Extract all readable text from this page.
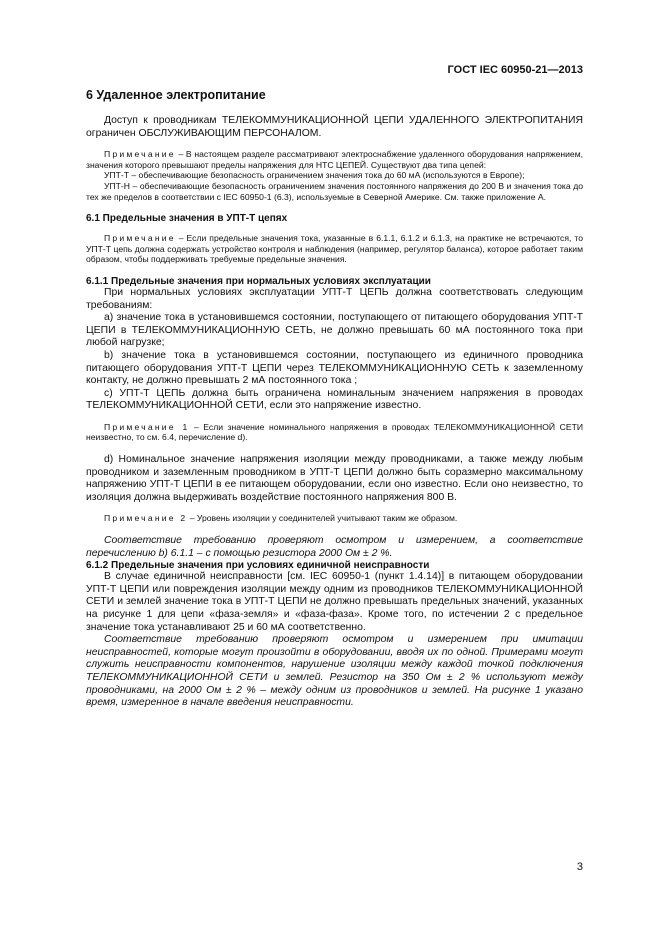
ГОСТ IEC 60950-21—2013
6 Удаленное электропитание

Доступ к проводникам ТЕЛЕКОММУНИКАЦИОННОЙ ЦЕПИ УДАЛЕННОГО ЭЛЕКТРОПИТАНИЯ ограничен ОБСЛУЖИВАЮЩИМ ПЕРСОНАЛОМ.

Примечание – В настоящем разделе рассматривают электроснабжение удаленного оборудования напряжением, значения которого превышают пределы напряжения для НТС ЦЕПЕЙ. Существуют два типа цепей:

УПТ-Т – обеспечивающие безопасность ограничением значения тока до 60 мА (используются в Европе);

УПТ-Н – обеспечивающие безопасность ограничением значения постоянного напряжения до 200 В и значения тока до тех же пределов в соответствии с IEC 60950-1 (6.3), используемые в Северной Америке. См. также приложение А.

6.1 Предельные значения в УПТ-Т цепях

Примечание – Если предельные значения тока, указанные в 6.1.1, 6.1.2 и 6.1.3, на практике не встречаются, то УПТ-Т цепь должна содержать устройство контроля и наблюдения (например, регулятор баланса), которое работает таким образом, чтобы поддерживать требуемые предельные значения.

6.1.1 Предельные значения при нормальных условиях эксплуатации

При нормальных условиях эксплуатации УПТ-Т ЦЕПЬ должна соответствовать следующим требованиям:

а) значение тока в установившемся состоянии, поступающего от питающего оборудования УПТ-Т ЦЕПИ в ТЕЛЕКОММУНИКАЦИОННУЮ СЕТЬ, не должно превышать 60 мА постоянного тока при любой нагрузке;

b) значение тока в установившемся состоянии, поступающего из единичного проводника питающего оборудования УПТ-Т ЦЕПИ через ТЕЛЕКОММУНИКАЦИОННУЮ СЕТЬ к заземленному контакту, не должно превышать 2 мА постоянного тока ;

c) УПТ-Т ЦЕПЬ должна быть ограничена номинальным значением напряжения в проводах ТЕЛЕКОММУНИКАЦИОННОЙ СЕТИ, если это напряжение известно.

Примечание 1 – Если значение номинального напряжения в проводах ТЕЛЕКОММУНИКАЦИОННОЙ СЕТИ неизвестно, то см. 6.4, перечисление d).

d) Номинальное значение напряжения изоляции между проводниками, а также между любым проводником и заземленным проводником в УПТ-Т ЦЕПИ должно быть соразмерно максимальному напряжению УПТ-Т ЦЕПИ в ее питающем оборудовании, если оно известно. Если оно неизвестно, то изоляция должна выдерживать воздействие постоянного напряжения 800 В.

Примечание 2 – Уровень изоляции у соединителей учитывают таким же образом.

Соответствие требованию проверяют осмотром и измерением, а соответствие перечислению b) 6.1.1 – с помощью резистора 2000 Ом ± 2 %.

6.1.2 Предельные значения при условиях единичной неисправности

В случае единичной неисправности [см. IEC 60950-1 (пункт 1.4.14)] в питающем оборудовании УПТ-Т ЦЕПИ или повреждения изоляции между одним из проводников ТЕЛЕКОММУНИКАЦИОННОЙ СЕТИ и землей значение тока в УПТ-Т ЦЕПИ не должно превышать предельных значений, указанных на рисунке 1 для цепи «фаза-земля» и «фаза-фаза». Кроме того, по истечении 2 с предельное значение тока устанавливают 25 и 60 мА соответственно.

Соответствие требованию проверяют осмотром и измерением при имитации неисправностей, которые могут произойти в оборудовании, вводя их по одной. Примерами могут служить неисправности компонентов, нарушение изоляции между каждой точкой подключения ТЕЛЕКОММУНИКАЦИОННОЙ СЕТИ и землей. Резистор на 350 Ом ± 2 % используют между проводниками, на 2000 Ом ± 2 % – между одним из проводников и землей. На рисунке 1 указано время, измеренное в начале введения неисправности.

3
